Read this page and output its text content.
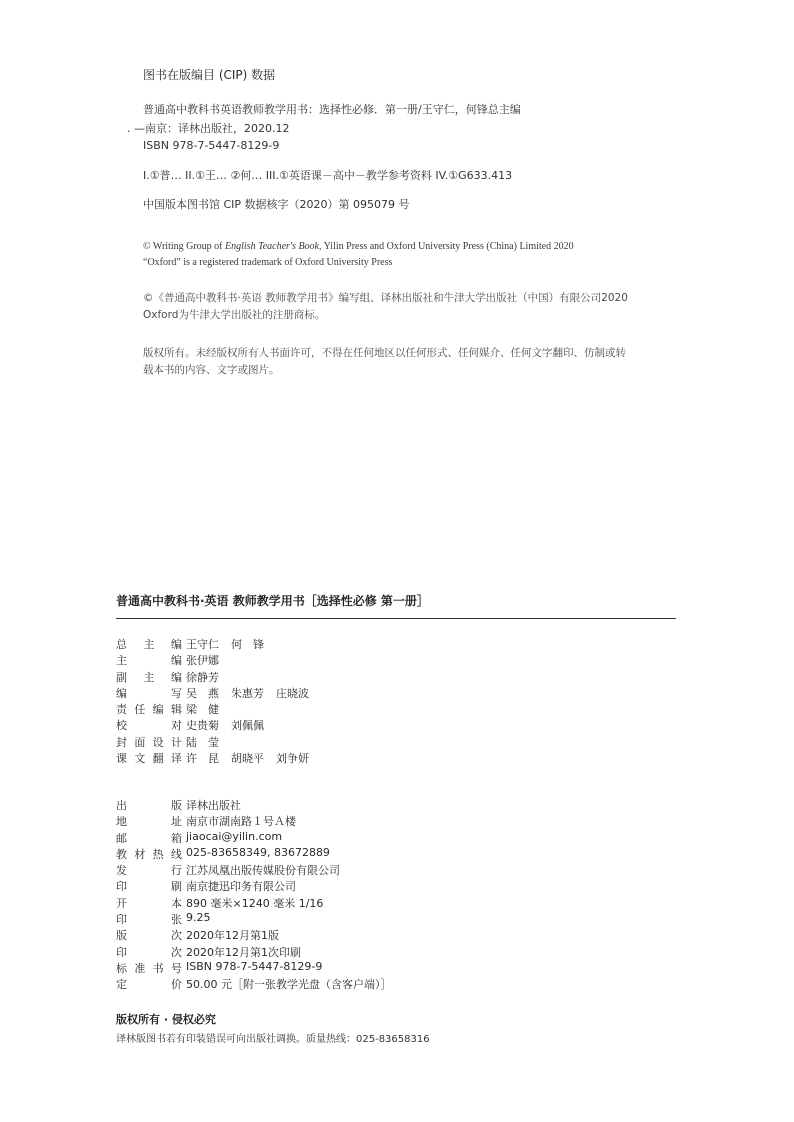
图书在版编目 (CIP) 数据
普通高中教科书英语教师教学用书：选择性必修．第一册/王守仁，何锋总主编
. —南京：译林出版社，2020.12
ISBN 978-7-5447-8129-9
I.①普… II.①王… ②何… III.①英语课－高中－教学参考资料 IV.①G633.413
中国版本图书馆 CIP 数据核字（2020）第 095079 号
© Writing Group of English Teacher's Book, Yilin Press and Oxford University Press (China) Limited 2020
“Oxford” is a registered trademark of Oxford University Press
©《普通高中教科书·英语 教师教学用书》编写组、译林出版社和牛津大学出版社（中国）有限公司2020
Oxford为牛津大学出版社的注册商标。
版权所有。未经版权所有人书面许可，不得在任何地区以任何形式、任何媒介、任何文字翻印、仿制或转
载本书的内容、文字或图片。
普通高中教科书·英语 教师教学用书［选择性必修 第一册］
总主编 王守仁 何　锋
主编 张伊娜
副主编 徐静芳
编写 吴　燕 朱惠芳 庄晓波
责任编辑 梁　健
校对 史贵菊 刘佩佩
封面设计 陆　莹
课文翻译 许　昆 胡晓平 刘争妍
出版 译林出版社
地址 南京市湖南路１号Ａ楼
邮箱 jiaocai@yilin.com
教材热线 025-83658349, 83672889
发行 江苏凤凰出版传媒股份有限公司
印刷 南京捷迅印务有限公司
开本 890 毫米×1240 毫米 1/16
印张 9.25
版次 2020年12月第1版
印次 2020年12月第1次印刷
标准书号 ISBN 978-7-5447-8129-9
定价 50.00 元［附一张教学光盘（含客户端）］
版权所有 · 侵权必究
译林版图书若有印装错误可向出版社调换。质量热线：025-83658316
